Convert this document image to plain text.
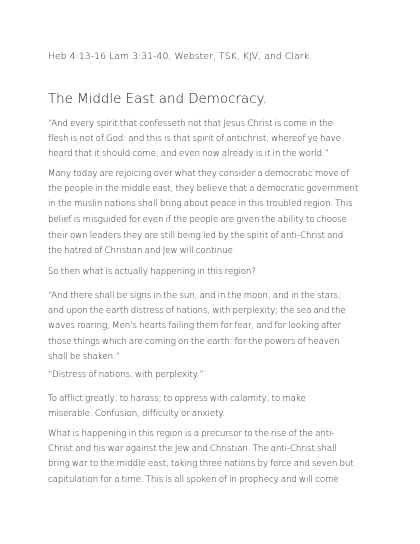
Heb 4:13-16 Lam 3:31-40, Webster, TSK, KJV, and Clark.
The Middle East and Democracy.
“And every spirit that confesseth not that Jesus Christ is come in the
flesh is not of God: and this is that spirit of antichrist, whereof ye have
heard that it should come; and even now already is it in the world.”
Many today are rejoicing over what they consider a democratic move of
the people in the middle east, they believe that a democratic government
in the muslin nations shall bring about peace in this troubled region. This
belief is misguided for even if the people are given the ability to choose
their own leaders they are still being led by the spirit of anti-Christ and
the hatred of Christian and Jew will continue.
So then what is actually happening in this region?
“And there shall be signs in the sun, and in the moon, and in the stars;
and upon the earth distress of nations, with perplexity; the sea and the
waves roaring; Men's hearts failing them for fear, and for looking after
those things which are coming on the earth: for the powers of heaven
shall be shaken.”
“Distress of nations, with perplexity.”
To afflict greatly; to harass; to oppress with calamity; to make
miserable. Confusion, difficulty or anxiety.
What is happening in this region is a precursor to the rise of the anti-
Christ and his war against the Jew and Christian. The anti-Christ shall
bring war to the middle east, taking three nations by force and seven but
capitulation for a time. This is all spoken of in prophecy and will come
